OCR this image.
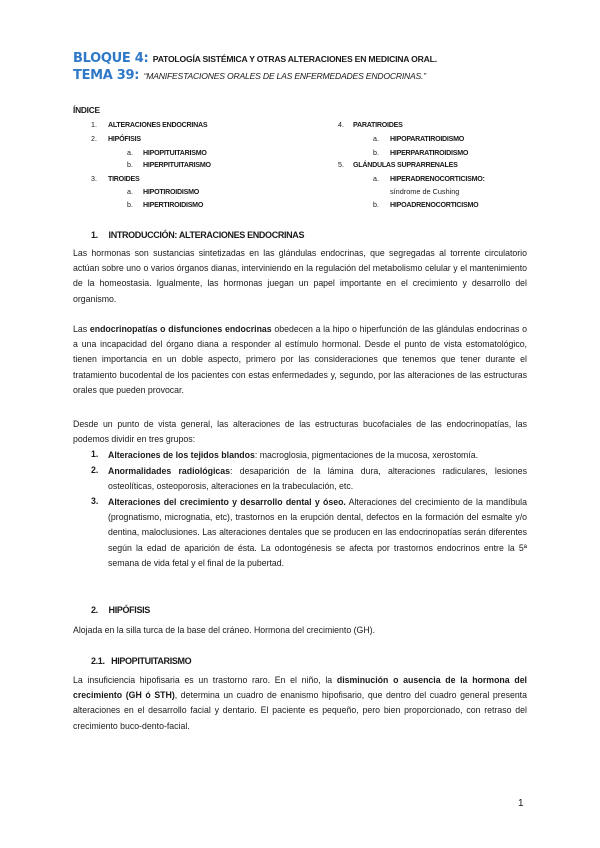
BLOQUE 4: PATOLOGÍA SISTÉMICA Y OTRAS ALTERACIONES EN MEDICINA ORAL.
TEMA 39: “MANIFESTACIONES ORALES DE LAS ENFERMEDADES ENDOCRINAS.”
ÍNDICE
1. ALTERACIONES ENDOCRINAS
2. HIPÓFISIS
a. HIPOPITUITARISMO
b. HIPERPITUITARISMO
3. TIROIDES
a. HIPOTIROIDISMO
b. HIPERTIROIDISMO
4. PARATIROIDES
a. HIPOPARATIROIDISMO
b. HIPERPARATIROIDISMO
5. GLÁNDULAS SUPRARRENALES
a. HIPERADRENOCORTICISMO:
síndrome de Cushing
b. HIPOADRENOCORTICISMO
1.     INTRODUCCIÓN: ALTERACIONES ENDOCRINAS

Las hormonas son sustancias sintetizadas en las glándulas endocrinas, que segregadas al torrente circulatorio actúan sobre uno o varios órganos dianas, interviniendo en la regulación del metabolismo celular y el mantenimiento de la homeostasia. Igualmente, las hormonas juegan un papel importante en el crecimiento y desarrollo del organismo.

Las endocrinopatías o disfunciones endocrinas obedecen a la hipo o hiperfunción de las glándulas endocrinas o a una incapacidad del órgano diana a responder al estímulo hormonal. Desde el punto de vista estomatológico, tienen importancia en un doble aspecto, primero por las consideraciones que tenemos que tener durante el tratamiento bucodental de los pacientes con estas enfermedades y, segundo, por las alteraciones de las estructuras orales que pueden provocar.

Desde un punto de vista general, las alteraciones de las estructuras bucofaciales de las endocrinopatías, las podemos dividir en tres grupos:

1. Alteraciones de los tejidos blandos: macroglosia, pigmentaciones de la mucosa, xerostomía.

2. Anormalidades radiológicas: desaparición de la lámina dura, alteraciones radiculares, lesiones osteolíticas, osteoporosis, alteraciones en la trabeculación, etc.

3. Alteraciones del crecimiento y desarrollo dental y óseo. Alteraciones del crecimiento de la mandíbula (prognatismo, micrognatia, etc), trastornos en la erupción dental, defectos en la formación del esmalte y/o dentina, maloclusiones. Las alteraciones dentales que se producen en las endocrinopatías serán diferentes según la edad de aparición de ésta. La odontogénesis se afecta por trastornos endocrinos entre la 5ª semana de vida fetal y el final de la pubertad.

2.     HIPÓFISIS

Alojada en la silla turca de la base del cráneo. Hormona del crecimiento (GH).

2.1.   HIPOPITUITARISMO

La insuficiencia hipofisaria es un trastorno raro. En el niño, la disminución o ausencia de la hormona del crecimiento (GH ó STH), determina un cuadro de enanismo hipofisario, que dentro del cuadro general presenta alteraciones en el desarrollo facial y dentario. El paciente es pequeño, pero bien proporcionado, con retraso del crecimiento buco-dento-facial.

1
